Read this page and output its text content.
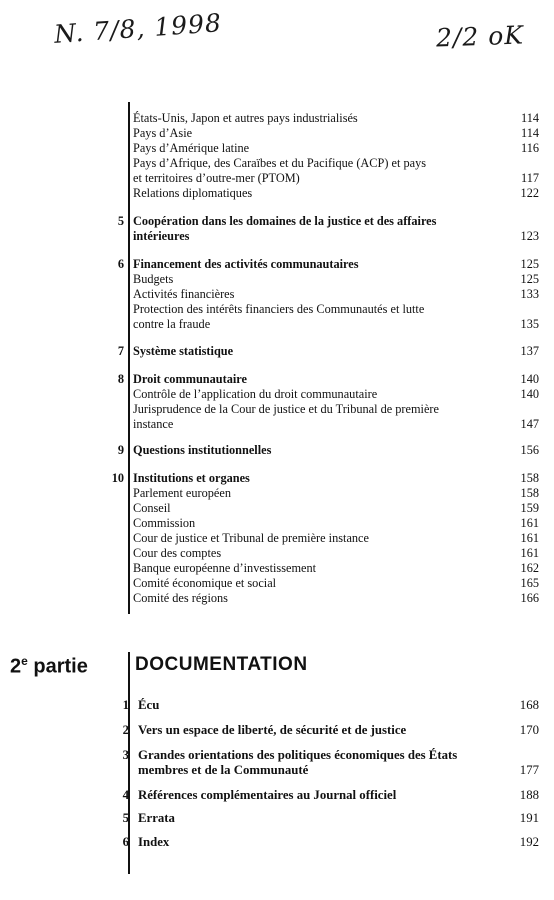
N. 7/8, 1998	2/2 oK
États-Unis, Japon et autres pays industrialisés	114
Pays d’Asie	114
Pays d’Amérique latine	116
Pays d’Afrique, des Caraïbes et du Pacifique (ACP) et pays
et territoires d’outre-mer (PTOM)	117
Relations diplomatiques	122
5 Coopération dans les domaines de la justice et des affaires
intérieures	123
6 Financement des activités communautaires	125
Budgets	125
Activités financières	133
Protection des intérêts financiers des Communautés et lutte
contre la fraude	135
7 Système statistique	137
8 Droit communautaire	140
Contrôle de l’application du droit communautaire	140
Jurisprudence de la Cour de justice et du Tribunal de première
instance	147
9 Questions institutionnelles	156
10 Institutions et organes	158
Parlement européen	158
Conseil	159
Commission	161
Cour de justice et Tribunal de première instance	161
Cour des comptes	161
Banque européenne d’investissement	162
Comité économique et social	165
Comité des régions	166
2e partie DOCUMENTATION
1 Écu	168
2 Vers un espace de liberté, de sécurité et de justice	170
3 Grandes orientations des politiques économiques des États
membres et de la Communauté	177
4 Références complémentaires au Journal officiel	188
5 Errata	191
6 Index	192
